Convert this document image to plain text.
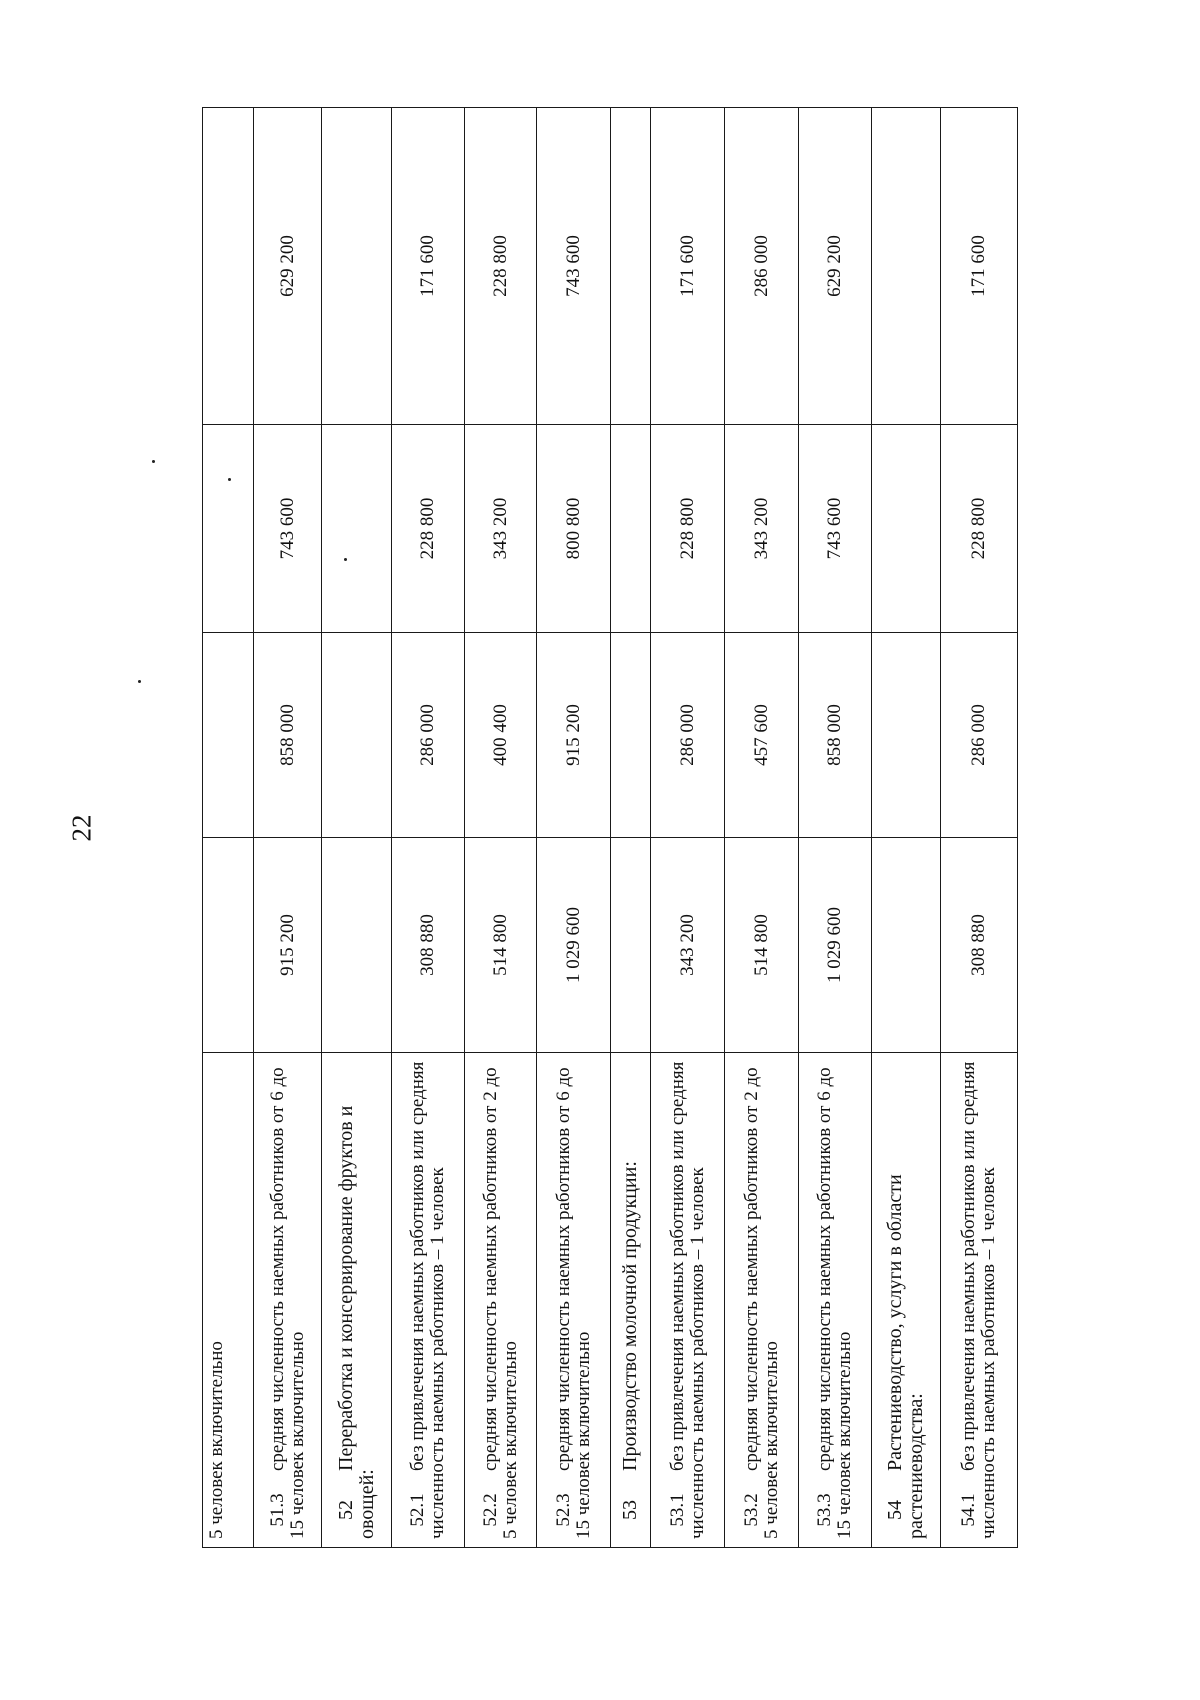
22
5 человек включительно				
51.3средняя численность наемных работников от 6 до 15 человек включительно	915 200	858 000	743 600	629 200
52Переработка и консервирование фруктов и овощей:				
52.1без привлечения наемных работников или средняя численность наемных работников – 1 человек	308 880	286 000	228 800	171 600
52.2средняя численность наемных работников от 2 до 5 человек включительно	514 800	400 400	343 200	228 800
52.3средняя численность наемных работников от 6 до 15 человек включительно	1 029 600	915 200	800 800	743 600
53Производство молочной продукции:				
53.1без привлечения наемных работников или средняя численность наемных работников – 1 человек	343 200	286 000	228 800	171 600
53.2средняя численность наемных работников от 2 до 5 человек включительно	514 800	457 600	343 200	286 000
53.3средняя численность наемных работников от 6 до 15 человек включительно	1 029 600	858 000	743 600	629 200
54Растениеводство, услуги в области растениеводства:				
54.1без привлечения наемных работников или средняя численность наемных работников – 1 человек	308 880	286 000	228 800	171 600
